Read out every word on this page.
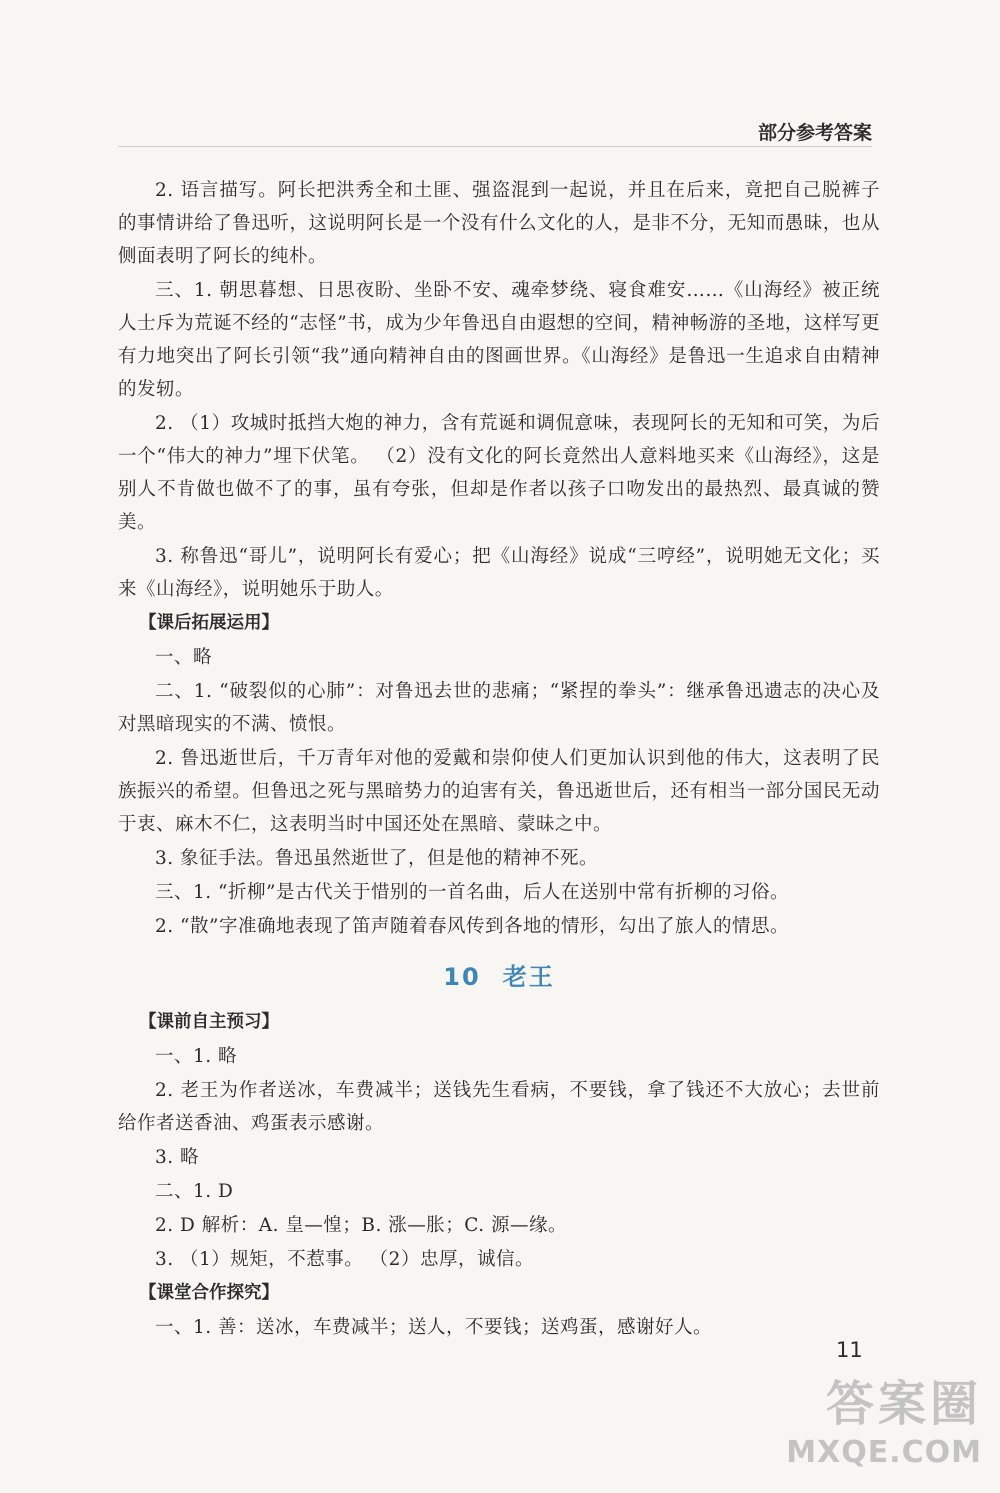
部分参考答案

2. 语言描写。阿长把洪秀全和土匪、强盗混到一起说，并且在后来，竟把自己脱裤子的事情讲给了鲁迅听，这说明阿长是一个没有什么文化的人，是非不分，无知而愚昧，也从侧面表明了阿长的纯朴。

三、1. 朝思暮想、日思夜盼、坐卧不安、魂牵梦绕、寝食难安……《山海经》被正统人士斥为荒诞不经的“志怪”书，成为少年鲁迅自由遐想的空间，精神畅游的圣地，这样写更有力地突出了阿长引领“我”通向精神自由的图画世界。《山海经》是鲁迅一生追求自由精神的发轫。

2. （1）攻城时抵挡大炮的神力，含有荒诞和调侃意味，表现阿长的无知和可笑，为后一个“伟大的神力”埋下伏笔。 （2）没有文化的阿长竟然出人意料地买来《山海经》，这是别人不肯做也做不了的事，虽有夸张，但却是作者以孩子口吻发出的最热烈、最真诚的赞美。

3. 称鲁迅“哥儿”，说明阿长有爱心；把《山海经》说成“三哼经”，说明她无文化；买来《山海经》，说明她乐于助人。

【课后拓展运用】

一、略

二、1. “破裂似的心肺”：对鲁迅去世的悲痛；“紧捏的拳头”：继承鲁迅遗志的决心及对黑暗现实的不满、愤恨。

2. 鲁迅逝世后，千万青年对他的爱戴和崇仰使人们更加认识到他的伟大，这表明了民族振兴的希望。但鲁迅之死与黑暗势力的迫害有关，鲁迅逝世后，还有相当一部分国民无动于衷、麻木不仁，这表明当时中国还处在黑暗、蒙昧之中。

3. 象征手法。鲁迅虽然逝世了，但是他的精神不死。

三、1. “折柳”是古代关于惜别的一首名曲，后人在送别中常有折柳的习俗。

2. “散”字准确地表现了笛声随着春风传到各地的情形，勾出了旅人的情思。

10 老王
【课前自主预习】

一、1. 略

2. 老王为作者送冰，车费减半；送钱先生看病，不要钱，拿了钱还不大放心；去世前给作者送香油、鸡蛋表示感谢。

3. 略

二、1. D

2. D 解析：A. 皇—惶；B. 涨—胀；C. 源—缘。

3. （1）规矩，不惹事。 （2）忠厚，诚信。

【课堂合作探究】

一、1. 善：送冰，车费减半；送人，不要钱；送鸡蛋，感谢好人。

11
答案圈
MXQE.COM
